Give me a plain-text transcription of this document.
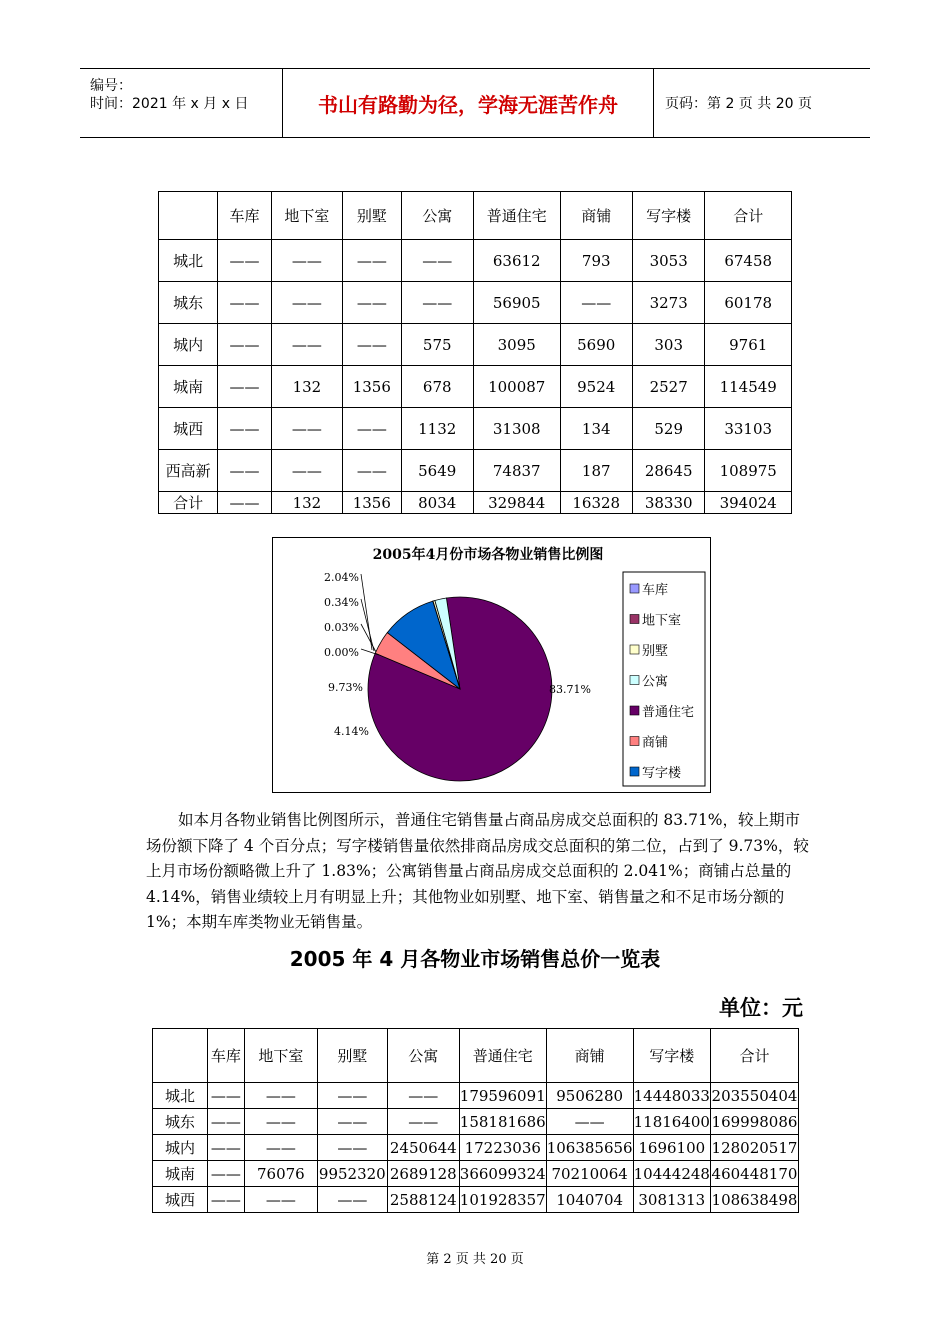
编号：
时间：2021 年 x 月 x 日	书山有路勤为径，学海无涯苦作舟	页码：第 2 页 共 20 页
	车库	地下室	别墅	公寓	普通住宅	商铺	写字楼	合计
城北	——	——	——	——	63612	793	3053	67458
城东	——	——	——	——	56905	——	3273	60178
城内	——	——	——	575	3095	5690	303	9761
城南	——	132	1356	678	100087	9524	2527	114549
城西	——	——	——	1132	31308	134	529	33103
西高新	——	——	——	5649	74837	187	28645	108975
合计	——	132	1356	8034	329844	16328	38330	394024
2005年4月份市场各物业销售比例图
83.71%
4.14%
9.73%
0.00%
0.03%
0.34%
2.04%
车库
地下室
别墅
公寓
普通住宅
商铺
写字楼

如本月各物业销售比例图所示，普通住宅销售量占商品房成交总面积的 83.71%，较上期市场份额下降了 4 个百分点；写字楼销售量依然排商品房成交总面积的第二位，占到了 9.73%，较上月市场份额略微上升了 1.83%；公寓销售量占商品房成交总面积的 2.041%；商铺占总量的 4.14%，销售业绩较上月有明显上升；其他物业如别墅、地下室、销售量之和不足市场分额的 1%；本期车库类物业无销售量。

2005 年 4 月各物业市场销售总价一览表
单位：元
	车库	地下室	别墅	公寓	普通住宅	商铺	写字楼	合计
城北	——	——	——	——	179596091	9506280	14448033	203550404
城东	——	——	——	——	158181686	——	11816400	169998086
城内	——	——	——	2450644	17223036	106385656	1696100	128020517
城南	——	76076	9952320	2689128	366099324	70210064	10444248	460448170
城西	——	——	——	2588124	101928357	1040704	3081313	108638498
第 2 页 共 20 页
